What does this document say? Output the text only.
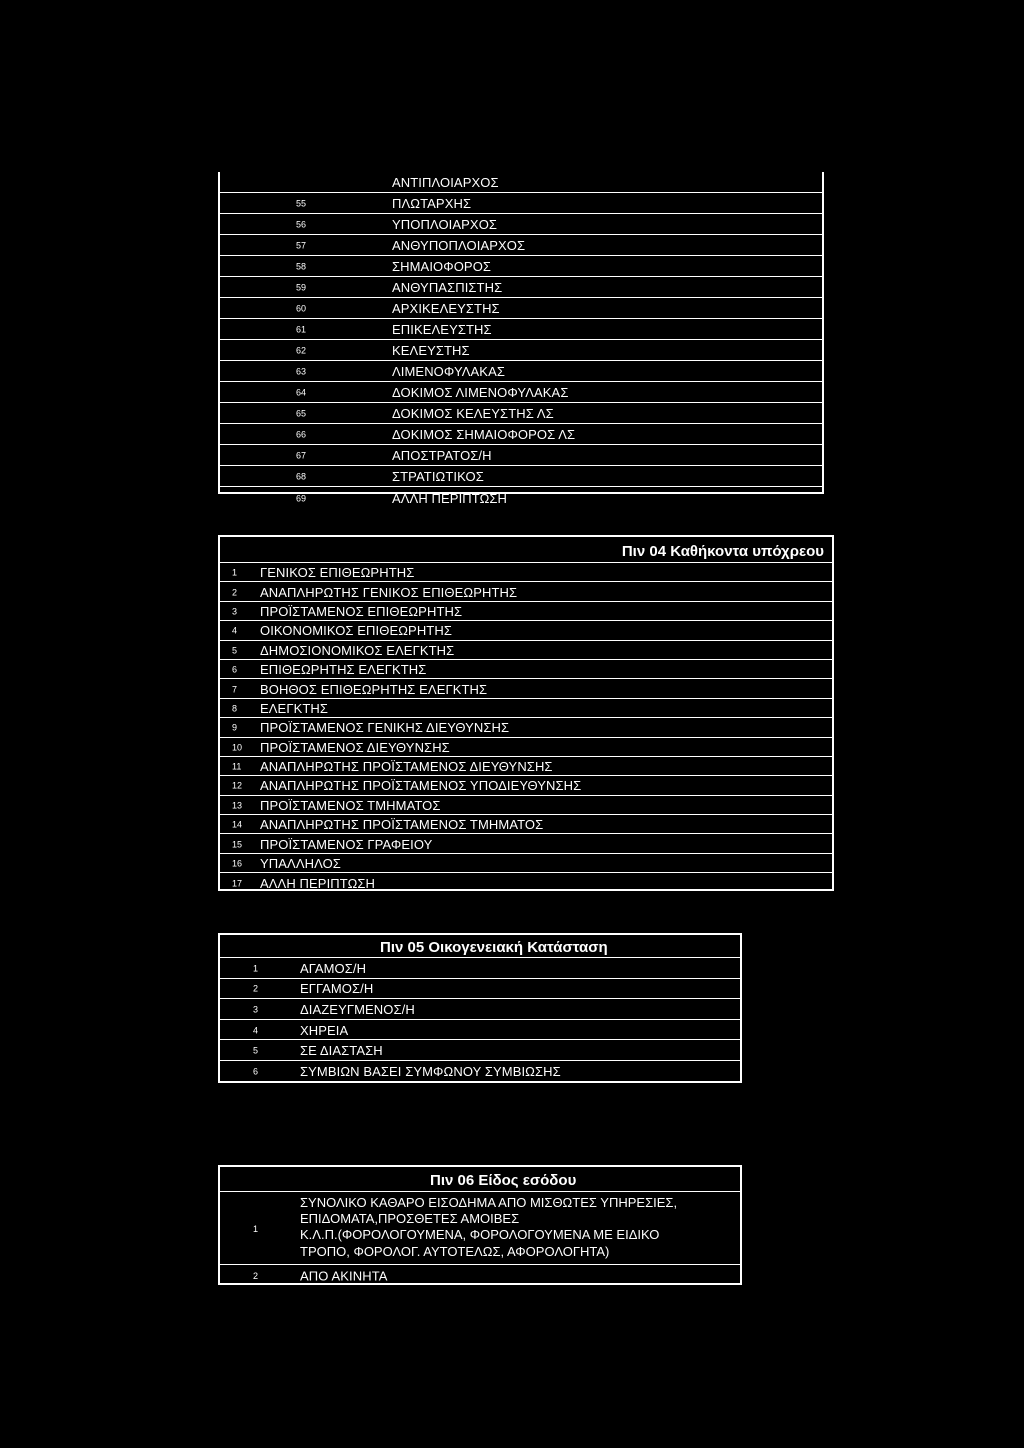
ΑΝΤΙΠΛΟΙΑΡΧΟΣ
55	ΠΛΩΤΑΡΧΗΣ
56	ΥΠΟΠΛΟΙΑΡΧΟΣ
57	ΑΝΘΥΠΟΠΛΟΙΑΡΧΟΣ
58	ΣΗΜΑΙΟΦΟΡΟΣ
59	ΑΝΘΥΠΑΣΠΙΣΤΗΣ
60	ΑΡΧΙΚΕΛΕΥΣΤΗΣ
61	ΕΠΙΚΕΛΕΥΣΤΗΣ
62	ΚΕΛΕΥΣΤΗΣ
63	ΛΙΜΕΝΟΦΥΛΑΚΑΣ
64	ΔΟΚΙΜΟΣ ΛΙΜΕΝΟΦΥΛΑΚΑΣ
65	ΔΟΚΙΜΟΣ ΚΕΛΕΥΣΤΗΣ ΛΣ
66	ΔΟΚΙΜΟΣ ΣΗΜΑΙΟΦΟΡΟΣ ΛΣ
67	ΑΠΟΣΤΡΑΤΟΣ/Η
68	ΣΤΡΑΤΙΩΤΙΚΟΣ
69	ΑΛΛΗ ΠΕΡΙΠΤΩΣΗ
Πιν 04 Καθήκοντα υπόχρεου
1 ΓΕΝΙΚΟΣ ΕΠΙΘΕΩΡΗΤΗΣ
2 ΑΝΑΠΛΗΡΩΤΗΣ ΓΕΝΙΚΟΣ ΕΠΙΘΕΩΡΗΤΗΣ
3 ΠΡΟΪΣΤΑΜΕΝΟΣ ΕΠΙΘΕΩΡΗΤΗΣ
4 ΟΙΚΟΝΟΜΙΚΟΣ ΕΠΙΘΕΩΡΗΤΗΣ
5 ΔΗΜΟΣΙΟΝΟΜΙΚΟΣ ΕΛΕΓΚΤΗΣ
6 ΕΠΙΘΕΩΡΗΤΗΣ ΕΛΕΓΚΤΗΣ
7 ΒΟΗΘΟΣ ΕΠΙΘΕΩΡΗΤΗΣ ΕΛΕΓΚΤΗΣ
8 ΕΛΕΓΚΤΗΣ
9 ΠΡΟΪΣΤΑΜΕΝΟΣ ΓΕΝΙΚΗΣ ΔΙΕΥΘΥΝΣΗΣ
10 ΠΡΟΪΣΤΑΜΕΝΟΣ ΔΙΕΥΘΥΝΣΗΣ
11 ΑΝΑΠΛΗΡΩΤΗΣ ΠΡΟΪΣΤΑΜΕΝΟΣ ΔΙΕΥΘΥΝΣΗΣ
12 ΑΝΑΠΛΗΡΩΤΗΣ ΠΡΟΪΣΤΑΜΕΝΟΣ ΥΠΟΔΙΕΥΘΥΝΣΗΣ
13 ΠΡΟΪΣΤΑΜΕΝΟΣ ΤΜΗΜΑΤΟΣ
14 ΑΝΑΠΛΗΡΩΤΗΣ ΠΡΟΪΣΤΑΜΕΝΟΣ ΤΜΗΜΑΤΟΣ
15 ΠΡΟΪΣΤΑΜΕΝΟΣ ΓΡΑΦΕΙΟΥ
16 ΥΠΑΛΛΗΛΟΣ
17 ΑΛΛΗ ΠΕΡΙΠΤΩΣΗ
Πιν 05 Οικογενειακή Κατάσταση
1	ΑΓΑΜΟΣ/Η
2	ΕΓΓΑΜΟΣ/Η
3	ΔΙΑΖΕΥΓΜΕΝΟΣ/Η
4	ΧΗΡΕΙΑ
5	ΣΕ ΔΙΑΣΤΑΣΗ
6	ΣΥΜΒΙΩΝ ΒΑΣΕΙ ΣΥΜΦΩΝΟΥ ΣΥΜΒΙΩΣΗΣ
Πιν 06 Είδος εσόδου
1
ΣΥΝΟΛΙΚΟ ΚΑΘΑΡΟ ΕΙΣΟΔΗΜΑ ΑΠΟ ΜΙΣΘΩΤΕΣ ΥΠΗΡΕΣΙΕΣ,
ΕΠΙΔΟΜΑΤΑ,ΠΡΟΣΘΕΤΕΣ ΑΜΟΙΒΕΣ
Κ.Λ.Π.(ΦΟΡΟΛΟΓΟΥΜΕΝΑ, ΦΟΡΟΛΟΓΟΥΜΕΝΑ ΜΕ ΕΙΔΙΚΟ
ΤΡΟΠΟ, ΦΟΡΟΛΟΓ. ΑΥΤΟΤΕΛΩΣ, ΑΦΟΡΟΛΟΓΗΤΑ)
2	ΑΠΟ ΑΚΙΝΗΤΑ
